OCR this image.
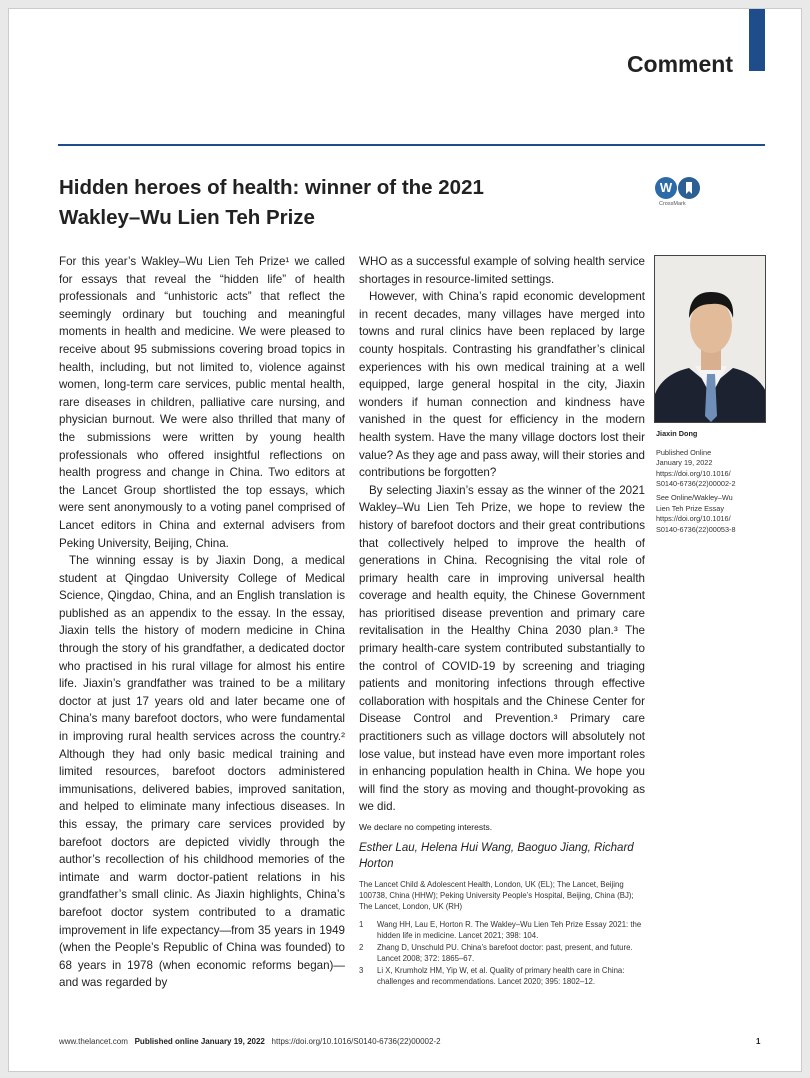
Comment
Hidden heroes of health: winner of the 2021
Wakley–Wu Lien Teh Prize
W
CrossMark

For this year’s Wakley–Wu Lien Teh Prize¹ we called for essays that reveal the “hidden life” of health professionals and “unhistoric acts” that reflect the seemingly ordinary but touching and meaningful moments in health and medicine. We were pleased to receive about 95 submissions covering broad topics in health, including, but not limited to, violence against women, long-term care services, public mental health, rare diseases in children, palliative care nursing, and physician burnout. We were also thrilled that many of the submissions were written by young health professionals who offered insightful reflections on health progress and change in China. Two editors at the Lancet Group shortlisted the top essays, which were sent anonymously to a voting panel comprised of Lancet editors in China and external advisers from Peking University, Beijing, China.

The winning essay is by Jiaxin Dong, a medical student at Qingdao University College of Medical Science, Qingdao, China, and an English translation is published as an appendix to the essay. In the essay, Jiaxin tells the history of modern medicine in China through the story of his grandfather, a dedicated doctor who practised in his rural village for almost his entire life. Jiaxin’s grandfather was trained to be a military doctor at just 17 years old and later became one of China’s many barefoot doctors, who were fundamental in improving rural health services across the country.² Although they had only basic medical training and limited resources, barefoot doctors administered immunisations, delivered babies, improved sanitation, and helped to eliminate many infectious diseases. In this essay, the primary care services provided by barefoot doctors are depicted vividly through the author’s recollection of his childhood memories of the intimate and warm doctor-patient relations in his grandfather’s small clinic. As Jiaxin highlights, China’s barefoot doctor system contributed to a dramatic improvement in life expectancy—from 35 years in 1949 (when the People’s Republic of China was founded) to 68 years in 1978 (when economic reforms began)—and was regarded by

WHO as a successful example of solving health service shortages in resource-limited settings.

However, with China’s rapid economic development in recent decades, many villages have merged into towns and rural clinics have been replaced by large county hospitals. Contrasting his grandfather’s clinical experiences with his own medical training at a well equipped, large general hospital in the city, Jiaxin wonders if human connection and kindness have vanished in the quest for efficiency in the modern health system. Have the many village doctors lost their value? As they age and pass away, will their stories and contributions be forgotten?

By selecting Jiaxin’s essay as the winner of the 2021 Wakley–Wu Lien Teh Prize, we hope to review the history of barefoot doctors and their great contributions that collectively helped to improve the health of generations in China. Recognising the vital role of primary health care in improving universal health coverage and health equity, the Chinese Government has prioritised disease prevention and primary care revitalisation in the Healthy China 2030 plan.³ The primary health-care system contributed substantially to the control of COVID-19 by screening and triaging patients and monitoring infections through effective collaboration with hospitals and the Chinese Center for Disease Control and Prevention.³ Primary care practitioners such as village doctors will absolutely not lose value, but instead have even more important roles in enhancing population health in China. We hope you will find the story as moving and thought-provoking as we did.

We declare no competing interests.
Esther Lau, Helena Hui Wang, Baoguo Jiang, Richard Horton
The Lancet Child & Adolescent Health, London, UK (EL); The Lancet, Beijing 100738, China (HHW); Peking University People’s Hospital, Beijing, China (BJ); The Lancet, London, UK (RH)
1	Wang HH, Lau E, Horton R. The Wakley–Wu Lien Teh Prize Essay 2021: the hidden life in medicine. Lancet 2021; 398: 104.
2	Zhang D, Unschuld PU. China’s barefoot doctor: past, present, and future. Lancet 2008; 372: 1865–67.
3	Li X, Krumholz HM, Yip W, et al. Quality of primary health care in China: challenges and recommendations. Lancet 2020; 395: 1802–12.
Jiaxin Dong
Published Online
January 19, 2022
https://doi.org/10.1016/
S0140-6736(22)00002-2
See Online/Wakley–Wu
Lien Teh Prize Essay
https://doi.org/10.1016/
S0140-6736(22)00053-8
www.thelancet.com Published online January 19, 2022 https://doi.org/10.1016/S0140-6736(22)00002-2	1
